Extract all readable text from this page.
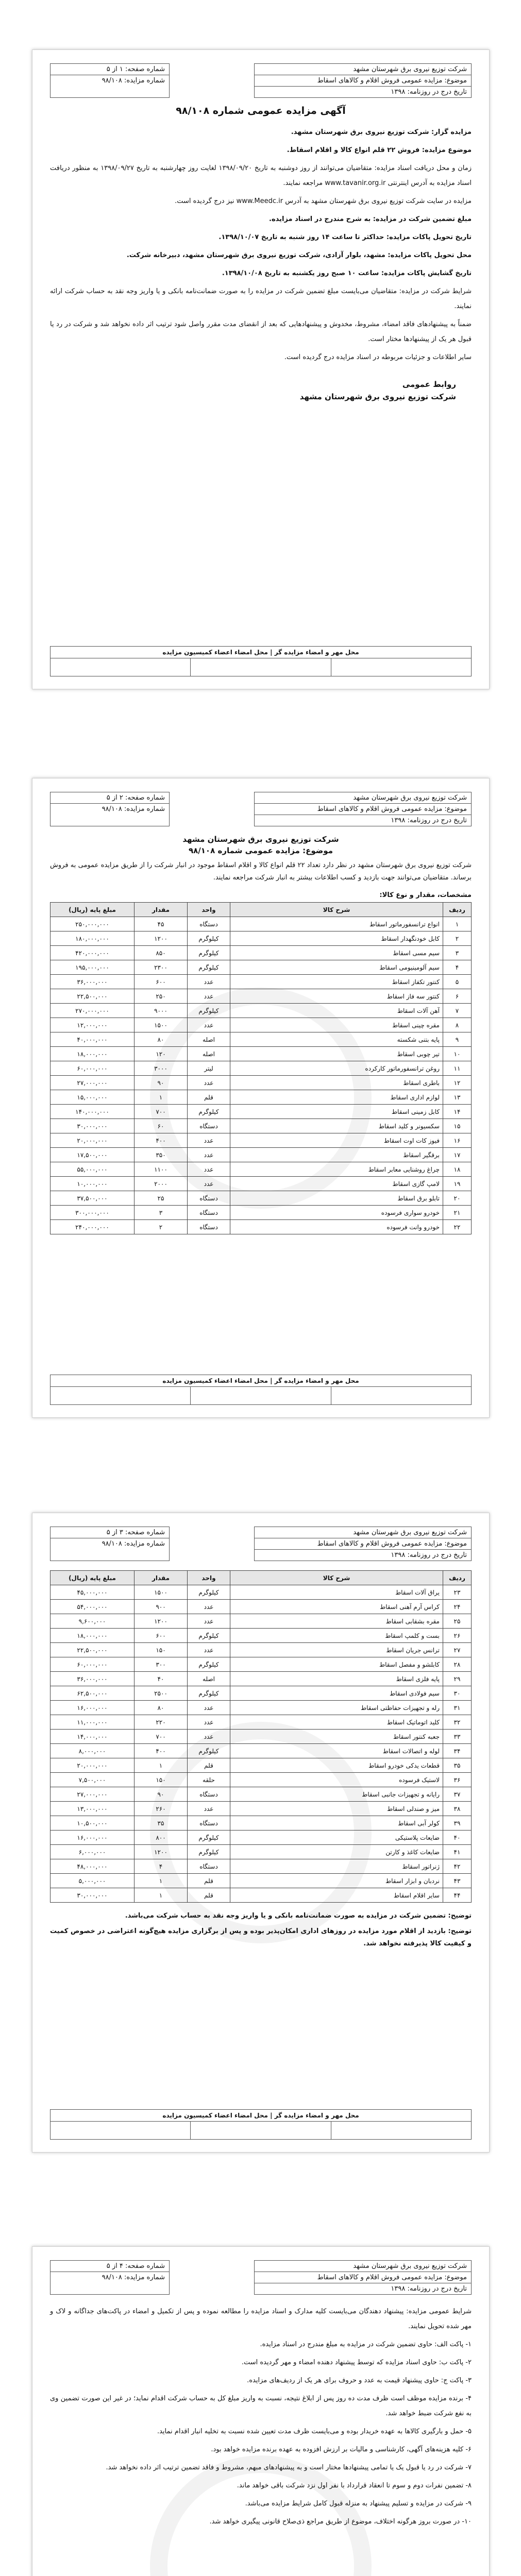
شرکت توزیع نیروی برق شهرستان مشهد
موضوع: مزایده عمومی فروش اقلام و کالاهای اسقاط
تاریخ درج در روزنامه: ۱۳۹۸
شماره صفحه: ۱ از ۵
شماره مزایده: ۹۸/۱۰۸
آگهی مزایده عمومی شماره ۹۸/۱۰۸

مزایده گزار: شرکت توزیع نیروی برق شهرستان مشهد.

موضوع مزایده: فروش ۲۲ قلم انواع کالا و اقلام اسقاط.

زمان و محل دریافت اسناد مزایده: متقاضیان می‌توانند از روز دوشنبه به تاریخ ۱۳۹۸/۰۹/۲۰ لغایت روز چهارشنبه به تاریخ ۱۳۹۸/۰۹/۲۷ به منظور دریافت اسناد مزایده به آدرس اینترنتی www.tavanir.org.ir مراجعه نمایند.

مزایده در سایت شرکت توزیع نیروی برق شهرستان مشهد به آدرس www.Meedc.ir نیز درج گردیده است.

مبلغ تضمین شرکت در مزایده: به شرح مندرج در اسناد مزایده.

تاریخ تحویل پاکات مزایده: حداکثر تا ساعت ۱۴ روز شنبه به تاریخ ۱۳۹۸/۱۰/۰۷.

محل تحویل پاکات مزایده: مشهد، بلوار آزادی، شرکت توزیع نیروی برق شهرستان مشهد، دبیرخانه شرکت.

تاریخ گشایش پاکات مزایده: ساعت ۱۰ صبح روز یکشنبه به تاریخ ۱۳۹۸/۱۰/۰۸.

شرایط شرکت در مزایده: متقاضیان می‌بایست مبلغ تضمین شرکت در مزایده را به صورت ضمانت‌نامه بانکی و یا واریز وجه نقد به حساب شرکت ارائه نمایند.

ضمناً به پیشنهادهای فاقد امضاء، مشروط، مخدوش و پیشنهادهایی که بعد از انقضای مدت مقرر واصل شود ترتیب اثر داده نخواهد شد و شرکت در رد یا قبول هر یک از پیشنهادها مختار است.

سایر اطلاعات و جزئیات مربوطه در اسناد مزایده درج گردیده است.

روابط عمومی
شرکت توزیع نیروی برق شهرستان مشهد
محل مهر و امضاء مزایده گر | محل امضاء اعضاء کمیسیون مزایده
شرکت توزیع نیروی برق شهرستان مشهد
موضوع: مزایده عمومی فروش اقلام و کالاهای اسقاط
تاریخ درج در روزنامه: ۱۳۹۸
شماره صفحه: ۲ از ۵
شماره مزایده: ۹۸/۱۰۸
شرکت توزیع نیروی برق شهرستان مشهد
موضوع: مزایده عمومی شماره ۹۸/۱۰۸

شرکت توزیع نیروی برق شهرستان مشهد در نظر دارد تعداد ۲۲ قلم انواع کالا و اقلام اسقاط موجود در انبار شرکت را از طریق مزایده عمومی به فروش برساند. متقاضیان می‌توانند جهت بازدید و کسب اطلاعات بیشتر به انبار شرکت مراجعه نمایند.

مشخصات، مقدار و نوع کالا:
ردیف	شرح کالا	واحد	مقدار	مبلغ پایه (ریال)
۱	انواع ترانسفورماتور اسقاط	دستگاه	۴۵	۲۵۰,۰۰۰,۰۰۰
۲	کابل خودنگهدار اسقاط	کیلوگرم	۱۲۰۰	۱۸۰,۰۰۰,۰۰۰
۳	سیم مسی اسقاط	کیلوگرم	۸۵۰	۴۲۰,۰۰۰,۰۰۰
۴	سیم آلومینیومی اسقاط	کیلوگرم	۲۳۰۰	۱۹۵,۰۰۰,۰۰۰
۵	کنتور تکفاز اسقاط	عدد	۶۰۰	۳۶,۰۰۰,۰۰۰
۶	کنتور سه فاز اسقاط	عدد	۲۵۰	۲۲,۵۰۰,۰۰۰
۷	آهن آلات اسقاط	کیلوگرم	۹۰۰۰	۲۷۰,۰۰۰,۰۰۰
۸	مقره چینی اسقاط	عدد	۱۵۰۰	۱۲,۰۰۰,۰۰۰
۹	پایه بتنی شکسته	اصله	۸۰	۴۰,۰۰۰,۰۰۰
۱۰	تیر چوبی اسقاط	اصله	۱۲۰	۱۸,۰۰۰,۰۰۰
۱۱	روغن ترانسفورماتور کارکرده	لیتر	۳۰۰۰	۶۰,۰۰۰,۰۰۰
۱۲	باطری اسقاط	عدد	۹۰	۲۷,۰۰۰,۰۰۰
۱۳	لوازم اداری اسقاط	قلم	۱	۱۵,۰۰۰,۰۰۰
۱۴	کابل زمینی اسقاط	کیلوگرم	۷۰۰	۱۴۰,۰۰۰,۰۰۰
۱۵	سکسیونر و کلید اسقاط	دستگاه	۶۰	۳۰,۰۰۰,۰۰۰
۱۶	فیوز کات اوت اسقاط	عدد	۴۰۰	۲۰,۰۰۰,۰۰۰
۱۷	برقگیر اسقاط	عدد	۳۵۰	۱۷,۵۰۰,۰۰۰
۱۸	چراغ روشنایی معابر اسقاط	عدد	۱۱۰۰	۵۵,۰۰۰,۰۰۰
۱۹	لامپ گازی اسقاط	عدد	۲۰۰۰	۱۰,۰۰۰,۰۰۰
۲۰	تابلو برق اسقاط	دستگاه	۲۵	۳۷,۵۰۰,۰۰۰
۲۱	خودرو سواری فرسوده	دستگاه	۳	۳۰۰,۰۰۰,۰۰۰
۲۲	خودرو وانت فرسوده	دستگاه	۲	۲۴۰,۰۰۰,۰۰۰
محل مهر و امضاء مزایده گر | محل امضاء اعضاء کمیسیون مزایده
شرکت توزیع نیروی برق شهرستان مشهد
موضوع: مزایده عمومی فروش اقلام و کالاهای اسقاط
تاریخ درج در روزنامه: ۱۳۹۸
شماره صفحه: ۳ از ۵
شماره مزایده: ۹۸/۱۰۸
ردیف	شرح کالا	واحد	مقدار	مبلغ پایه (ریال)
۲۳	یراق آلات اسقاط	کیلوگرم	۱۵۰۰	۴۵,۰۰۰,۰۰۰
۲۴	کراس آرم آهنی اسقاط	عدد	۹۰۰	۵۴,۰۰۰,۰۰۰
۲۵	مقره بشقابی اسقاط	عدد	۱۲۰۰	۹,۶۰۰,۰۰۰
۲۶	بست و کلمپ اسقاط	کیلوگرم	۶۰۰	۱۸,۰۰۰,۰۰۰
۲۷	ترانس جریان اسقاط	عدد	۱۵۰	۲۲,۵۰۰,۰۰۰
۲۸	کابلشو و مفصل اسقاط	کیلوگرم	۳۰۰	۶۰,۰۰۰,۰۰۰
۲۹	پایه فلزی اسقاط	اصله	۴۰	۳۶,۰۰۰,۰۰۰
۳۰	سیم فولادی اسقاط	کیلوگرم	۲۵۰۰	۶۲,۵۰۰,۰۰۰
۳۱	رله و تجهیزات حفاظتی اسقاط	عدد	۸۰	۱۶,۰۰۰,۰۰۰
۳۲	کلید اتوماتیک اسقاط	عدد	۲۲۰	۱۱,۰۰۰,۰۰۰
۳۳	جعبه کنتور اسقاط	عدد	۷۰۰	۱۴,۰۰۰,۰۰۰
۳۴	لوله و اتصالات اسقاط	کیلوگرم	۴۰۰	۸,۰۰۰,۰۰۰
۳۵	قطعات یدکی خودرو اسقاط	قلم	۱	۲۰,۰۰۰,۰۰۰
۳۶	لاستیک فرسوده	حلقه	۱۵۰	۷,۵۰۰,۰۰۰
۳۷	رایانه و تجهیزات جانبی اسقاط	دستگاه	۹۰	۲۷,۰۰۰,۰۰۰
۳۸	میز و صندلی اسقاط	عدد	۲۶۰	۱۳,۰۰۰,۰۰۰
۳۹	کولر آبی اسقاط	دستگاه	۳۵	۱۰,۵۰۰,۰۰۰
۴۰	ضایعات پلاستیکی	کیلوگرم	۸۰۰	۱۶,۰۰۰,۰۰۰
۴۱	ضایعات کاغذ و کارتن	کیلوگرم	۱۲۰۰	۶,۰۰۰,۰۰۰
۴۲	ژنراتور اسقاط	دستگاه	۴	۴۸,۰۰۰,۰۰۰
۴۳	نردبان و ابزار اسقاط	قلم	۱	۵,۰۰۰,۰۰۰
۴۴	سایر اقلام اسقاط	قلم	۱	۳۰,۰۰۰,۰۰۰

توضیح: تضمین شرکت در مزایده به صورت ضمانت‌نامه بانکی و یا واریز وجه نقد به حساب شرکت می‌باشد.

توضیح: بازدید از اقلام مورد مزایده در روزهای اداری امکان‌پذیر بوده و پس از برگزاری مزایده هیچ‌گونه اعتراضی در خصوص کمیت و کیفیت کالا پذیرفته نخواهد شد.

محل مهر و امضاء مزایده گر | محل امضاء اعضاء کمیسیون مزایده
شرکت توزیع نیروی برق شهرستان مشهد
موضوع: مزایده عمومی فروش اقلام و کالاهای اسقاط
تاریخ درج در روزنامه: ۱۳۹۸
شماره صفحه: ۴ از ۵
شماره مزایده: ۹۸/۱۰۸

شرایط عمومی مزایده: پیشنهاد دهندگان می‌بایست کلیه مدارک و اسناد مزایده را مطالعه نموده و پس از تکمیل و امضاء در پاکت‌های جداگانه و لاک و مهر شده تحویل نمایند.

۱- پاکت الف: حاوی تضمین شرکت در مزایده به مبلغ مندرج در اسناد مزایده.

۲- پاکت ب: حاوی اسناد مزایده که توسط پیشنهاد دهنده امضاء و مهر گردیده است.

۳- پاکت ج: حاوی پیشنهاد قیمت به عدد و حروف برای هر یک از ردیف‌های مزایده.

۴- برنده مزایده موظف است ظرف مدت ده روز پس از ابلاغ نتیجه، نسبت به واریز مبلغ کل به حساب شرکت اقدام نماید؛ در غیر این صورت تضمین وی به نفع شرکت ضبط خواهد شد.

۵- حمل و بارگیری کالاها به عهده خریدار بوده و می‌بایست ظرف مدت تعیین شده نسبت به تخلیه انبار اقدام نماید.

۶- کلیه هزینه‌های آگهی، کارشناسی و مالیات بر ارزش افزوده به عهده برنده مزایده خواهد بود.

۷- شرکت در رد یا قبول یک یا تمامی پیشنهادها مختار است و به پیشنهادهای مبهم، مشروط و فاقد تضمین ترتیب اثر داده نخواهد شد.

۸- تضمین نفرات دوم و سوم تا انعقاد قرارداد با نفر اول نزد شرکت باقی خواهد ماند.

۹- شرکت در مزایده و تسلیم پیشنهاد به منزله قبول کامل شرایط مزایده می‌باشد.

۱۰- در صورت بروز هرگونه اختلاف، موضوع از طریق مراجع ذی‌صلاح قانونی پیگیری خواهد شد.
